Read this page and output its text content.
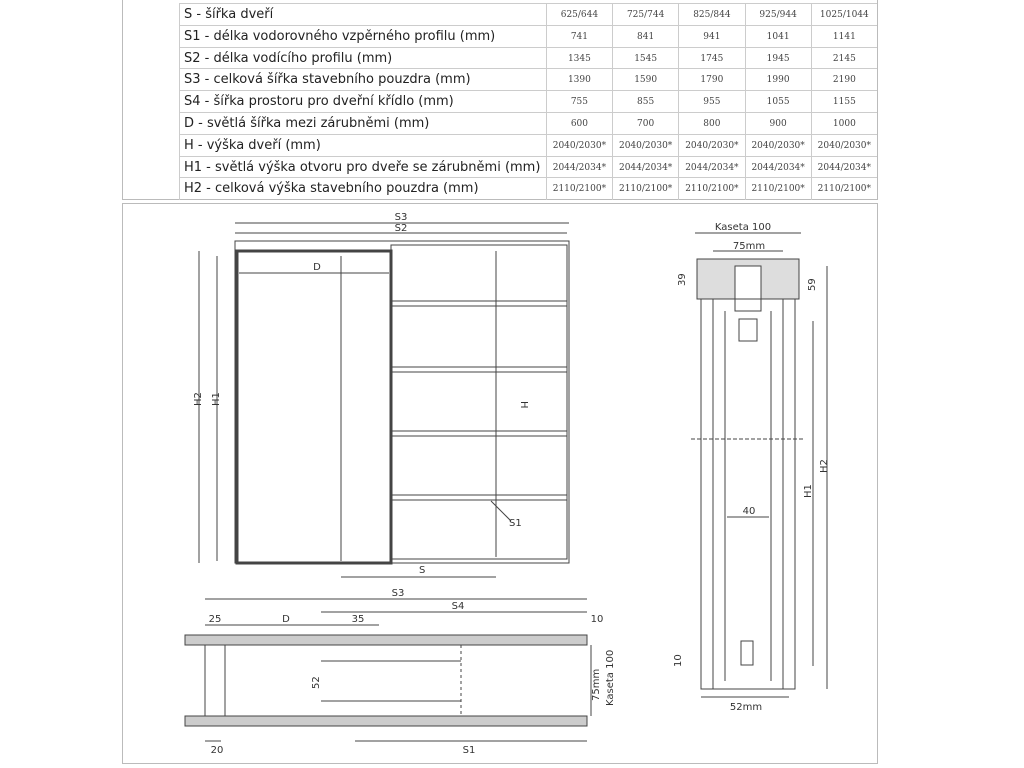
S - šířka dveří	625/644	725/744	825/844	925/944	1025/1044
S1 - délka vodorovného vzpěrného profilu (mm)	741	841	941	1041	1141
S2 - délka vodícího profilu (mm)	1345	1545	1745	1945	2145
S3 - celková šířka stavebního pouzdra (mm)	1390	1590	1790	1990	2190
S4 - šířka prostoru pro dveřní křídlo (mm)	755	855	955	1055	1155
D - světlá šířka mezi zárubněmi (mm)	600	700	800	900	1000
H - výška dveří (mm)	2040/2030*	2040/2030*	2040/2030*	2040/2030*	2040/2030*
H1 - světlá výška otvoru pro dveře se zárubněmi (mm)	2044/2034*	2044/2034*	2044/2034*	2044/2034*	2044/2034*
H2 - celková výška stavebního pouzdra (mm)	2110/2100*	2110/2100*	2110/2100*	2110/2100*	2110/2100*
S3
S2
D
H2 H1	H
S1
S
S3
S4
25	D	35	10
52	75mm Kaseta 100
20	S1
Kaseta 100
75mm
39	59
H2
H1
40
10
52mm
